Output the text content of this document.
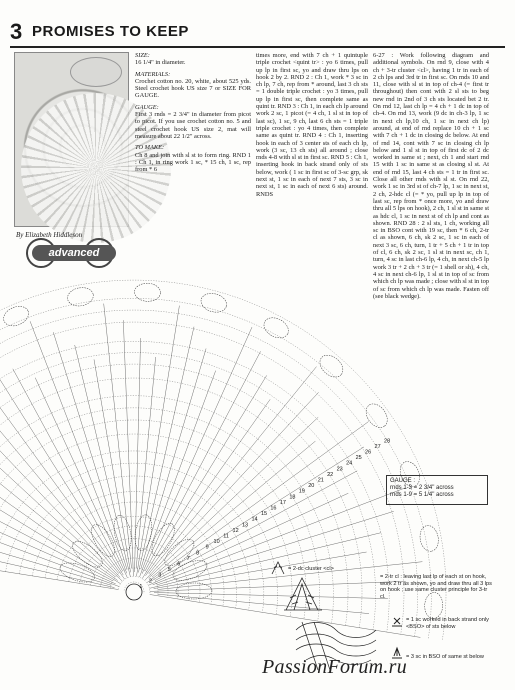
3 PROMISES TO KEEP
By Elizabeth Hiddleson
advanced
SIZE:
16 1/4" in diameter.
MATERIALS:
Crochet cotton no. 20, white, about 525 yds. Steel crochet hook US size 7 or SIZE FOR GAUGE.
GAUGE:
First 3 rnds = 2 3/4" in diameter from picot to picot. If you use crochet cotton no. 5 and steel crochet hook US size 2, mat will measure about 22 1/2" across.
TO MAKE:
Ch 8 and join with sl st to form ring. RND 1 : Ch 1, in ring work 1 sc, * 15 ch, 1 sc, rep from * 6
times more, end with 7 ch + 1 quintuple triple crochet <quint tr> : yo 6 times, pull up lp in first sc, yo and draw thru lps on hook 2 by 2. RND 2 : Ch 1, work * 3 sc in ch lp, 7 ch, rep from * around, last 3 ch sts = 1 double triple crochet : yo 3 times, pull up lp in first sc, then complete same as quint tr. RND 3 : Ch 1, in each ch lp around work 2 sc, 1 picot (= 4 ch, 1 sl st in top of last sc), 1 sc, 9 ch, last 6 ch sts = 1 triple triple crochet : yo 4 times, then complete same as quint tr. RND 4 : Ch 1, inserting hook in each of 3 center sts of each ch lp, work (3 sc, 13 ch sts) all around ; close rnds 4-8 with sl st in first sc. RND 5 : Ch 1, inserting hook in back strand only of sts below, work ( 1 sc in first sc of 3-sc grp, sk next st, 1 sc in each of next 7 sts, 3 sc in next st, 1 sc in each of next 6 sts) around. RNDS
6-27 : Work following diagram and additional symbols. On rnd 9, close with 4 ch + 3-tr cluster <cl>, having 1 tr in each of 2 ch lps and 3rd tr in first sc. On rnds 10 and 11, close with sl st in top of ch-4 (= first tr throughout) then cont with 2 sl sts to beg new rnd in 2nd of 3 ch sts located bet 2 tr. On rnd 12, last ch lp = 4 ch + 1 dc in top of ch-4. On rnd 13, work (9 dc in ch-3 lp, 1 sc in next ch lp,10 ch, 1 sc in next ch lp) around, at end of rnd replace 10 ch + 1 sc with 7 ch + 1 dc in closing dc below. At end of rnd 14, cont with 7 sc in closing ch lp below and 1 sl st in top of first dc of 2 dc worked in same st ; next, ch 1 and start rnd 15 with 1 sc in same st as closing sl st. At end of rnd 15, last 4 ch sts = 1 tr in first sc. Close all other rnds with sl st. On rnd 22, work 1 sc in 3rd st of ch-7 lp, 1 sc in next st, 2 ch, 2-hdc cl (= * yo, pull up lp in top of last sc, rep from * once more, yo and draw thru all 5 lps on hook), 2 ch, 1 sl st in same st as hdc cl, 1 sc in next st of ch lp and cont as shown. RND 28 : 2 sl sts, 1 ch, working all sc in BSO cont with 19 sc, then * 6 ch, 2-tr cl as shown, 6 ch, sk 2 sc, 1 sc in each of next 3 sc, 6 ch, turn, 1 tr + 5 ch + 1 tr in top of cl, 6 ch, sk 2 sc, 1 sl st in next sc, ch 1, turn, 4 sc in last ch-6 lp, 4 ch, in next ch-5 lp work 3 tr + 2 ch + 3 tr (= 1 shell or sh), 4 ch, 4 sc in next ch-6 lp, 1 sl st in top of sc from which ch lp was made ; close with sl st in top of sc from which ch lp was made. Fasten off (see black wedge).
1
2
3
5
6
7
8
9
10
11
12
13
14
15
16
17
18
19
20
21
22
23
24
25
26
27
28
GAUGE :
rnds 1-3 = 2 3/4" across
rnds 1-9 = 5 1/4" across
= 2-dc cluster <cl>
= 2-tr cl : leaving last lp of each st on hook, work 2 tr as shown, yo and draw thru all 3 lps on hook ; use same cluster principle for 3-tr cl.
= 1 sc worked in back strand only <BSO> of sts below
= 3 sc in BSO of same st below
PassionForum.ru
